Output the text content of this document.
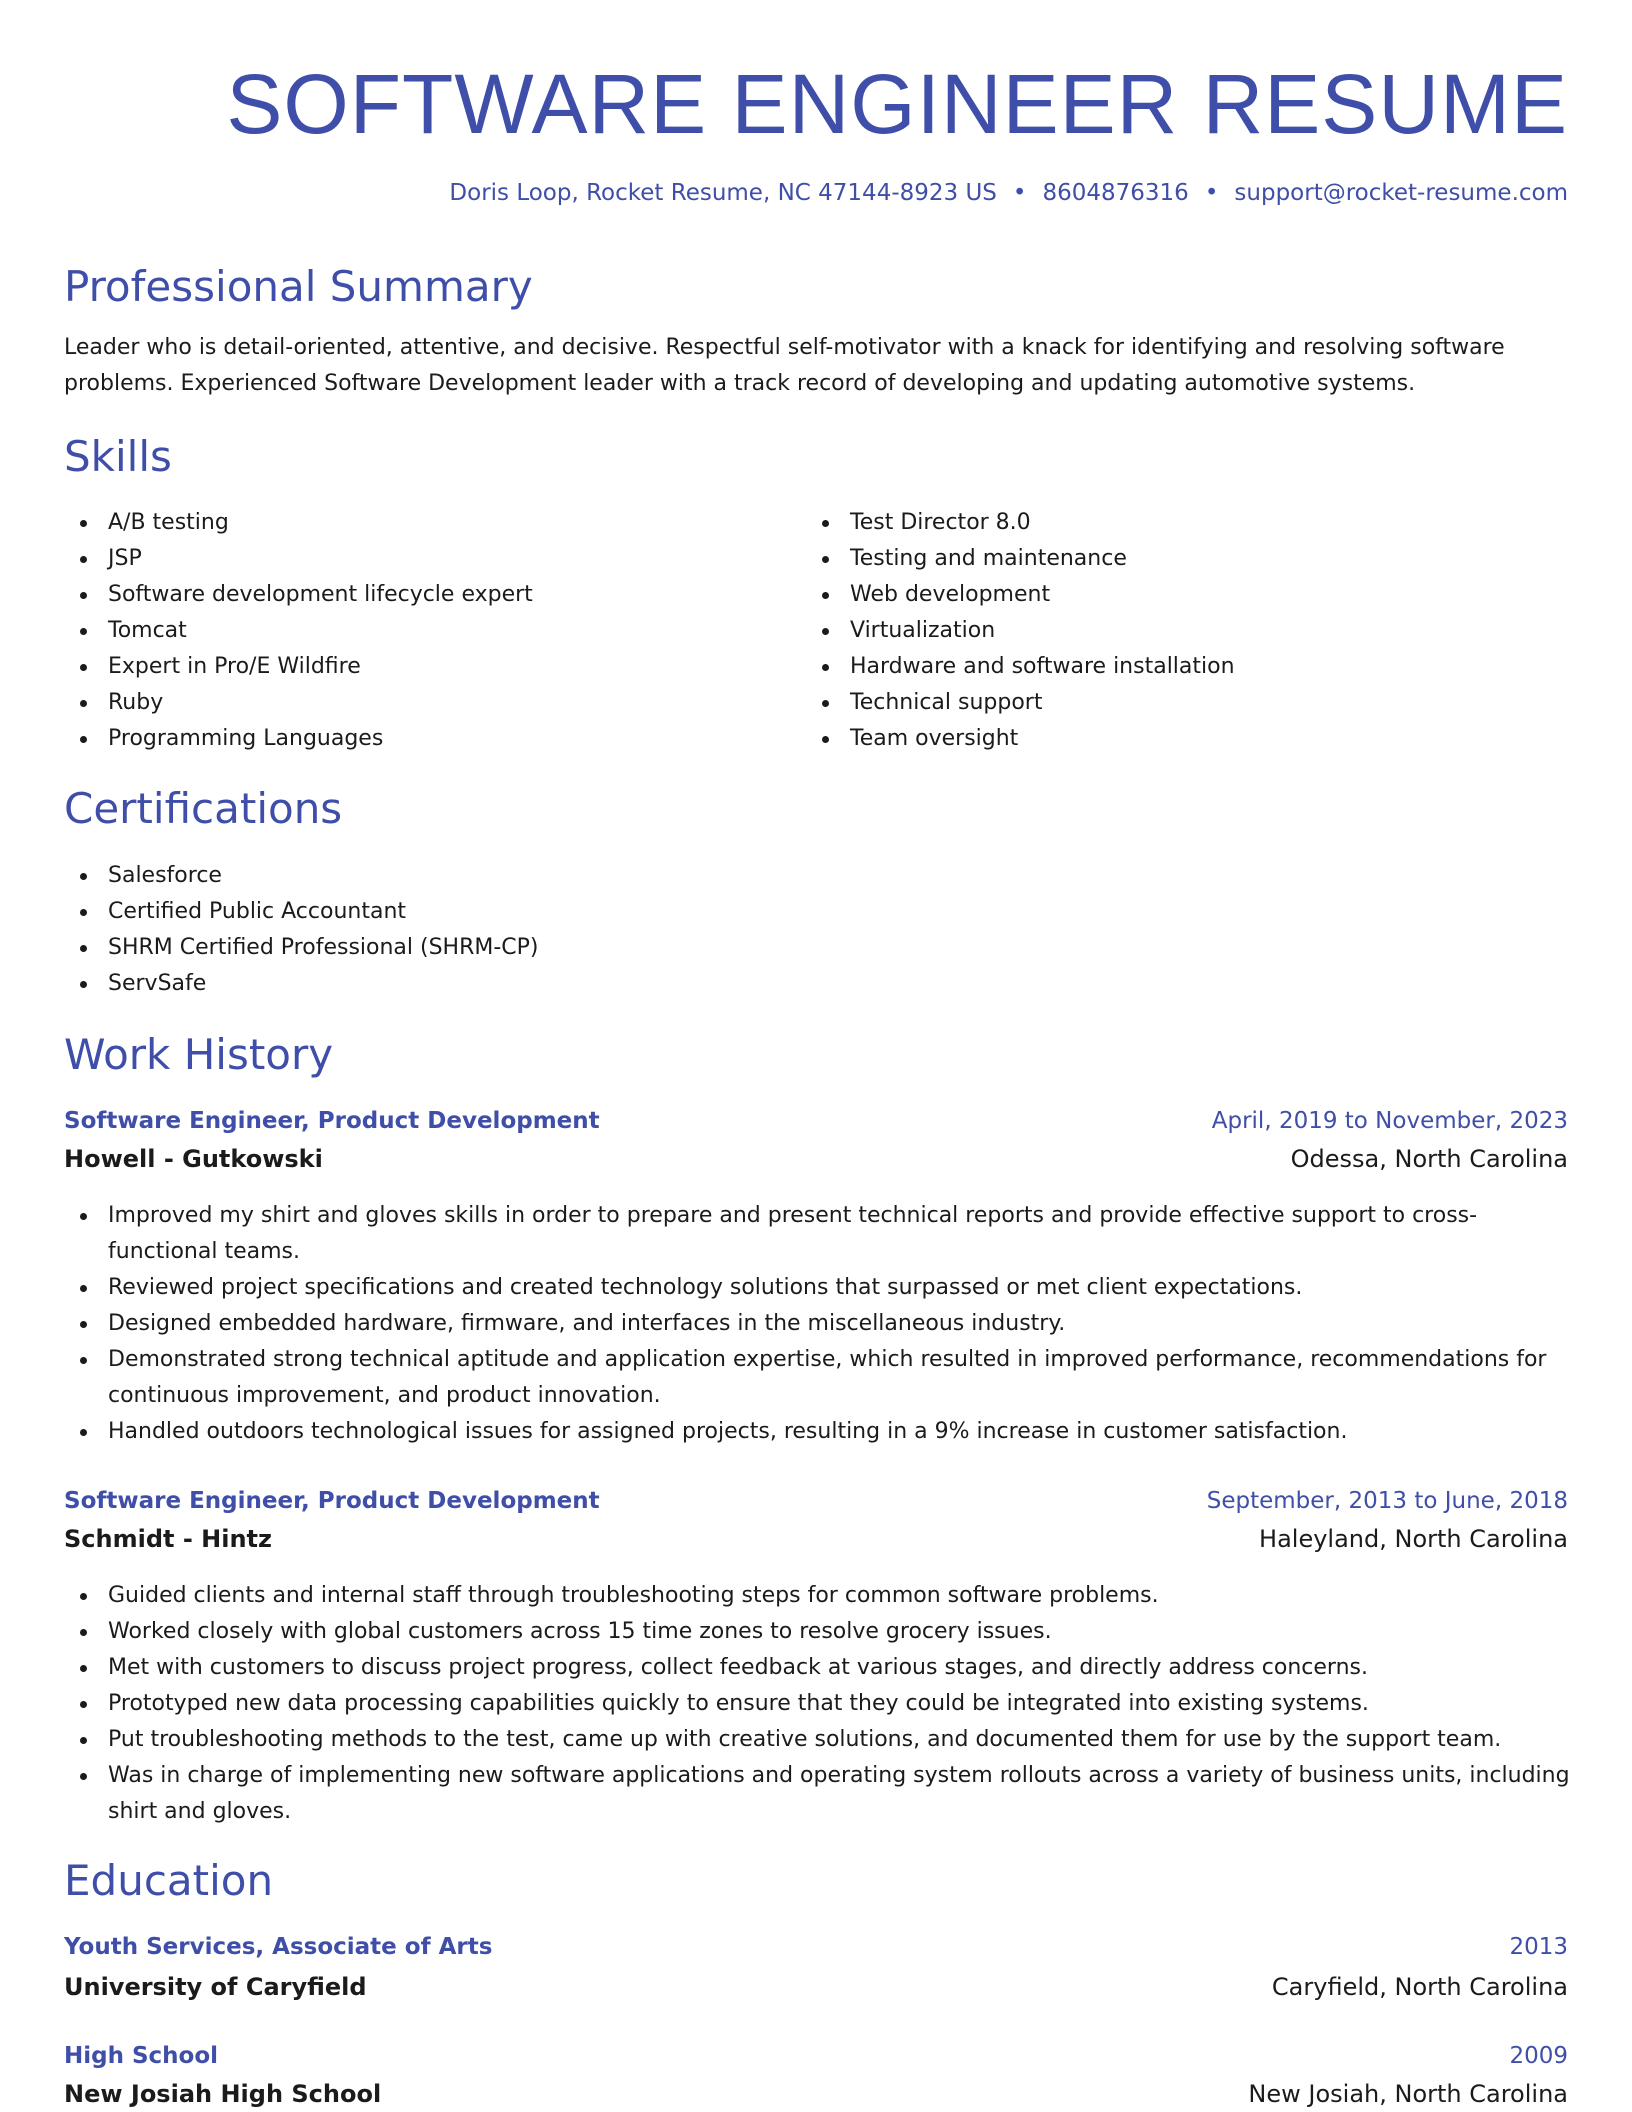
SOFTWARE ENGINEER RESUME
Doris Loop, Rocket Resume, NC 47144-8923 US • 8604876316 • support@rocket-resume.com
Professional Summary

Leader who is detail-oriented, attentive, and decisive. Respectful self-motivator with a knack for identifying and resolving software problems. Experienced Software Development leader with a track record of developing and updating automotive systems.

Skills
A/B testing
JSP
Software development lifecycle expert
Tomcat
Expert in Pro/E Wildfire
Ruby
Programming Languages
Test Director 8.0
Testing and maintenance
Web development
Virtualization
Hardware and software installation
Technical support
Team oversight
Certifications
Salesforce
Certified Public Accountant
SHRM Certified Professional (SHRM-CP)
ServSafe
Work History
Software Engineer, Product Development	April, 2019 to November, 2023
Howell - Gutkowski	Odessa, North Carolina
Improved my shirt and gloves skills in order to prepare and present technical reports and provide effective support to cross-functional teams.
Reviewed project specifications and created technology solutions that surpassed or met client expectations.
Designed embedded hardware, firmware, and interfaces in the miscellaneous industry.
Demonstrated strong technical aptitude and application expertise, which resulted in improved performance, recommendations for continuous improvement, and product innovation.
Handled outdoors technological issues for assigned projects, resulting in a 9% increase in customer satisfaction.
Software Engineer, Product Development	September, 2013 to June, 2018
Schmidt - Hintz	Haleyland, North Carolina
Guided clients and internal staff through troubleshooting steps for common software problems.
Worked closely with global customers across 15 time zones to resolve grocery issues.
Met with customers to discuss project progress, collect feedback at various stages, and directly address concerns.
Prototyped new data processing capabilities quickly to ensure that they could be integrated into existing systems.
Put troubleshooting methods to the test, came up with creative solutions, and documented them for use by the support team.
Was in charge of implementing new software applications and operating system rollouts across a variety of business units, including shirt and gloves.
Education
Youth Services, Associate of Arts	2013
University of Caryfield	Caryfield, North Carolina
High School	2009
New Josiah High School	New Josiah, North Carolina
